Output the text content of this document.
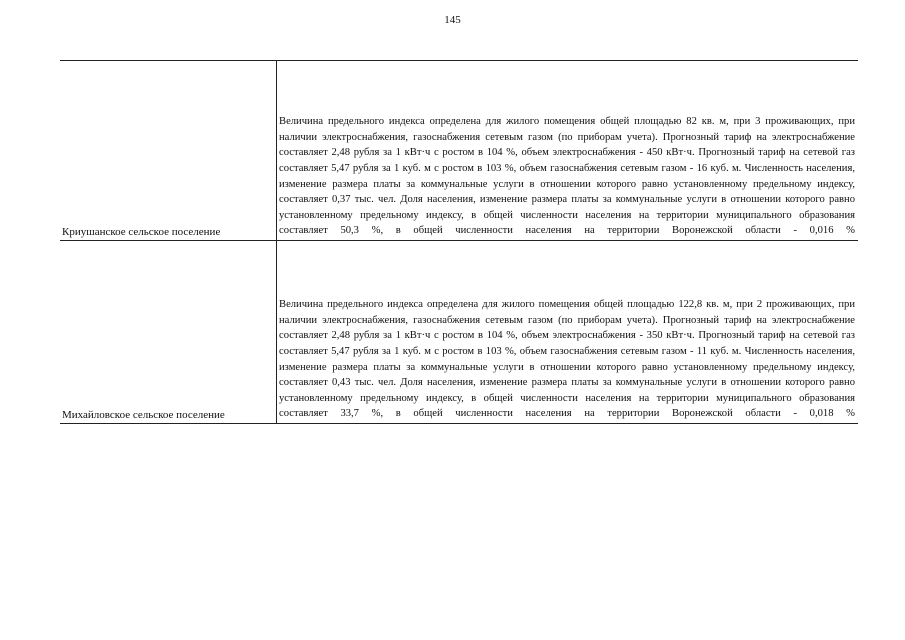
145
Криушанское сельское поселение
Величина предельного индекса определена для жилого помещения общей площадью 82 кв. м, при 3 проживающих, при наличии электроснабжения, газоснабжения сетевым газом (по приборам учета). Прогнозный тариф на электроснабжение составляет 2,48 рубля за 1 кВт·ч с ростом в 104 %, объем электроснабжения - 450 кВт·ч. Прогнозный тариф на сетевой газ составляет 5,47 рубля за 1 куб. м с ростом в 103 %, объем газоснабжения сетевым газом - 16 куб. м. Численность населения, изменение размера платы за коммунальные услуги в отношении которого равно установленному предельному индексу, составляет 0,37 тыс. чел. Доля населения, изменение размера платы за коммунальные услуги в отношении которого равно установленному предельному индексу, в общей численности населения на территории муниципального образования составляет 50,3 %, в общей численности населения на территории Воронежской области - 0,016 %
Михайловское сельское поселение
Величина предельного индекса определена для жилого помещения общей площадью 122,8 кв. м, при 2 проживающих, при наличии электроснабжения, газоснабжения сетевым газом (по приборам учета). Прогнозный тариф на электроснабжение составляет 2,48 рубля за 1 кВт·ч с ростом в 104 %, объем электроснабжения - 350 кВт·ч. Прогнозный тариф на сетевой газ составляет 5,47 рубля за 1 куб. м с ростом в 103 %, объем газоснабжения сетевым газом - 11 куб. м. Численность населения, изменение размера платы за коммунальные услуги в отношении которого равно установленному предельному индексу, составляет 0,43 тыс. чел. Доля населения, изменение размера платы за коммунальные услуги в отношении которого равно установленному предельному индексу, в общей численности населения на территории муниципального образования составляет 33,7 %, в общей численности населения на территории Воронежской области - 0,018 %
